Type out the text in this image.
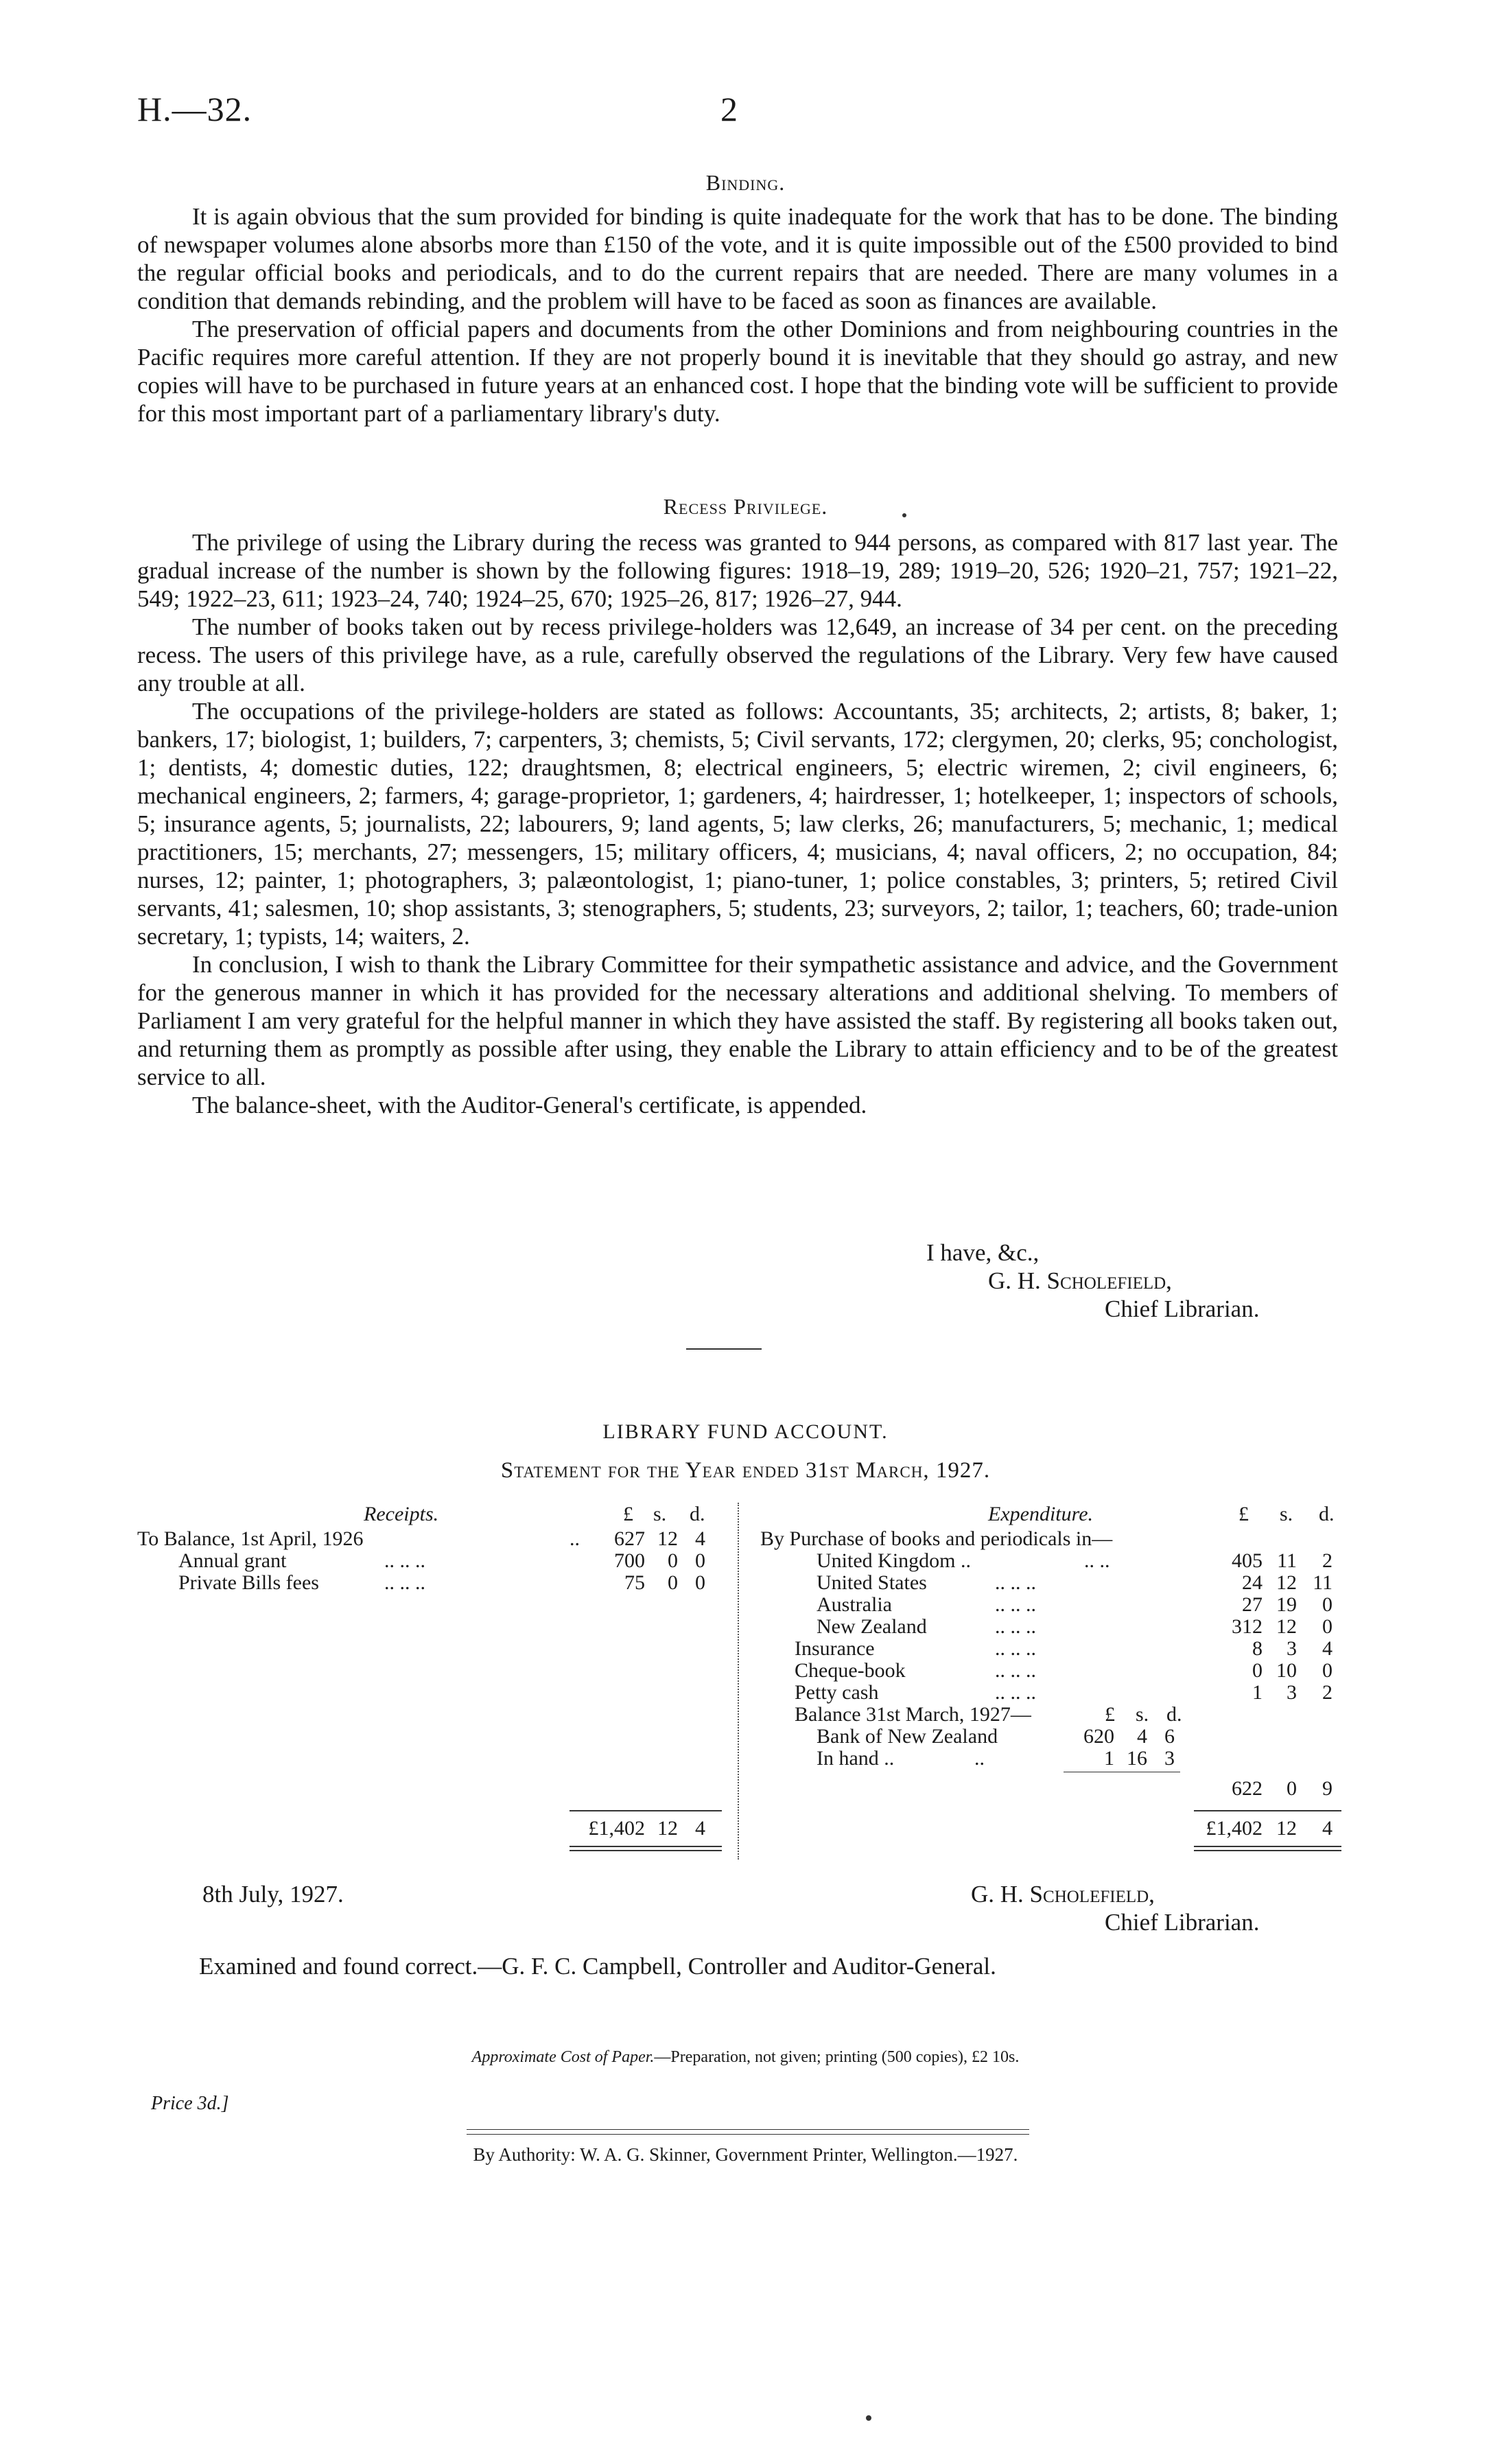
H.—32.	2
Binding.

It is again obvious that the sum provided for binding is quite inadequate for the work that has to be done. The binding of newspaper volumes alone absorbs more than £150 of the vote, and it is quite impossible out of the £500 provided to bind the regular official books and periodicals, and to do the current repairs that are needed. There are many volumes in a condition that demands rebinding, and the problem will have to be faced as soon as finances are available.

The preservation of official papers and documents from the other Dominions and from neighbouring countries in the Pacific requires more careful attention. If they are not properly bound it is inevitable that they should go astray, and new copies will have to be purchased in future years at an enhanced cost. I hope that the binding vote will be sufficient to provide for this most important part of a parliamentary library's duty.

Recess Privilege.

The privilege of using the Library during the recess was granted to 944 persons, as compared with 817 last year. The gradual increase of the number is shown by the following figures: 1918–19, 289; 1919–20, 526; 1920–21, 757; 1921–22, 549; 1922–23, 611; 1923–24, 740; 1924–25, 670; 1925–26, 817; 1926–27, 944.

The number of books taken out by recess privilege-holders was 12,649, an increase of 34 per cent. on the preceding recess. The users of this privilege have, as a rule, carefully observed the regulations of the Library. Very few have caused any trouble at all.

The occupations of the privilege-holders are stated as follows: Accountants, 35; architects, 2; artists, 8; baker, 1; bankers, 17; biologist, 1; builders, 7; carpenters, 3; chemists, 5; Civil servants, 172; clergymen, 20; clerks, 95; conchologist, 1; dentists, 4; domestic duties, 122; draughtsmen, 8; electrical engineers, 5; electric wiremen, 2; civil engineers, 6; mechanical engineers, 2; farmers, 4; garage-proprietor, 1; gardeners, 4; hairdresser, 1; hotelkeeper, 1; inspectors of schools, 5; insurance agents, 5; journalists, 22; labourers, 9; land agents, 5; law clerks, 26; manufacturers, 5; mechanic, 1; medical practitioners, 15; merchants, 27; messengers, 15; military officers, 4; musicians, 4; naval officers, 2; no occupation, 84; nurses, 12; painter, 1; photographers, 3; palæontologist, 1; piano-tuner, 1; police constables, 3; printers, 5; retired Civil servants, 41; salesmen, 10; shop assistants, 3; stenographers, 5; students, 23; surveyors, 2; tailor, 1; teachers, 60; trade-union secretary, 1; typists, 14; waiters, 2.

In conclusion, I wish to thank the Library Committee for their sympathetic assistance and advice, and the Government for the generous manner in which it has provided for the necessary alterations and additional shelving. To members of Parliament I am very grateful for the helpful manner in which they have assisted the staff. By registering all books taken out, and returning them as promptly as possible after using, they enable the Library to attain efficiency and to be of the greatest service to all.

The balance-sheet, with the Auditor-General's certificate, is appended.

I have, &c.,
G. H. Scholefield,
Chief Librarian.
LIBRARY FUND ACCOUNT.
Statement for the Year ended 31st March, 1927.
Receipts.	£ s. d.
To Balance, 1st April, 1926	..	627 12 4
Annual grant	.. .. ..	700	0 0
Private Bills fees	.. .. ..	75	0 0
£1,402 12 4
Expenditure.	£ s. d.
By Purchase of books and periodicals in—
United Kingdom ..	.. ..	405 11	2
United States	.. .. ..	24 12 11
Australia	.. .. ..	27 19	0
New Zealand	.. .. ..	312 12	0
Insurance	.. .. ..	8	3	4
Cheque-book	.. .. ..	0 10	0
Petty cash	.. .. ..	1	3	2
Balance 31st March, 1927—	£ s. d.
Bank of New Zealand	620	4 6
In hand ..	..	1 16 3
622	0	9
£1,402 12	4
8th July, 1927.	G. H. Scholefield,
Chief Librarian.
Examined and found correct.—G. F. C. Campbell, Controller and Auditor-General.
Approximate Cost of Paper.—Preparation, not given; printing (500 copies), £2 10s.
By Authority: W. A. G. Skinner, Government Printer, Wellington.—1927.
Price 3d.]
